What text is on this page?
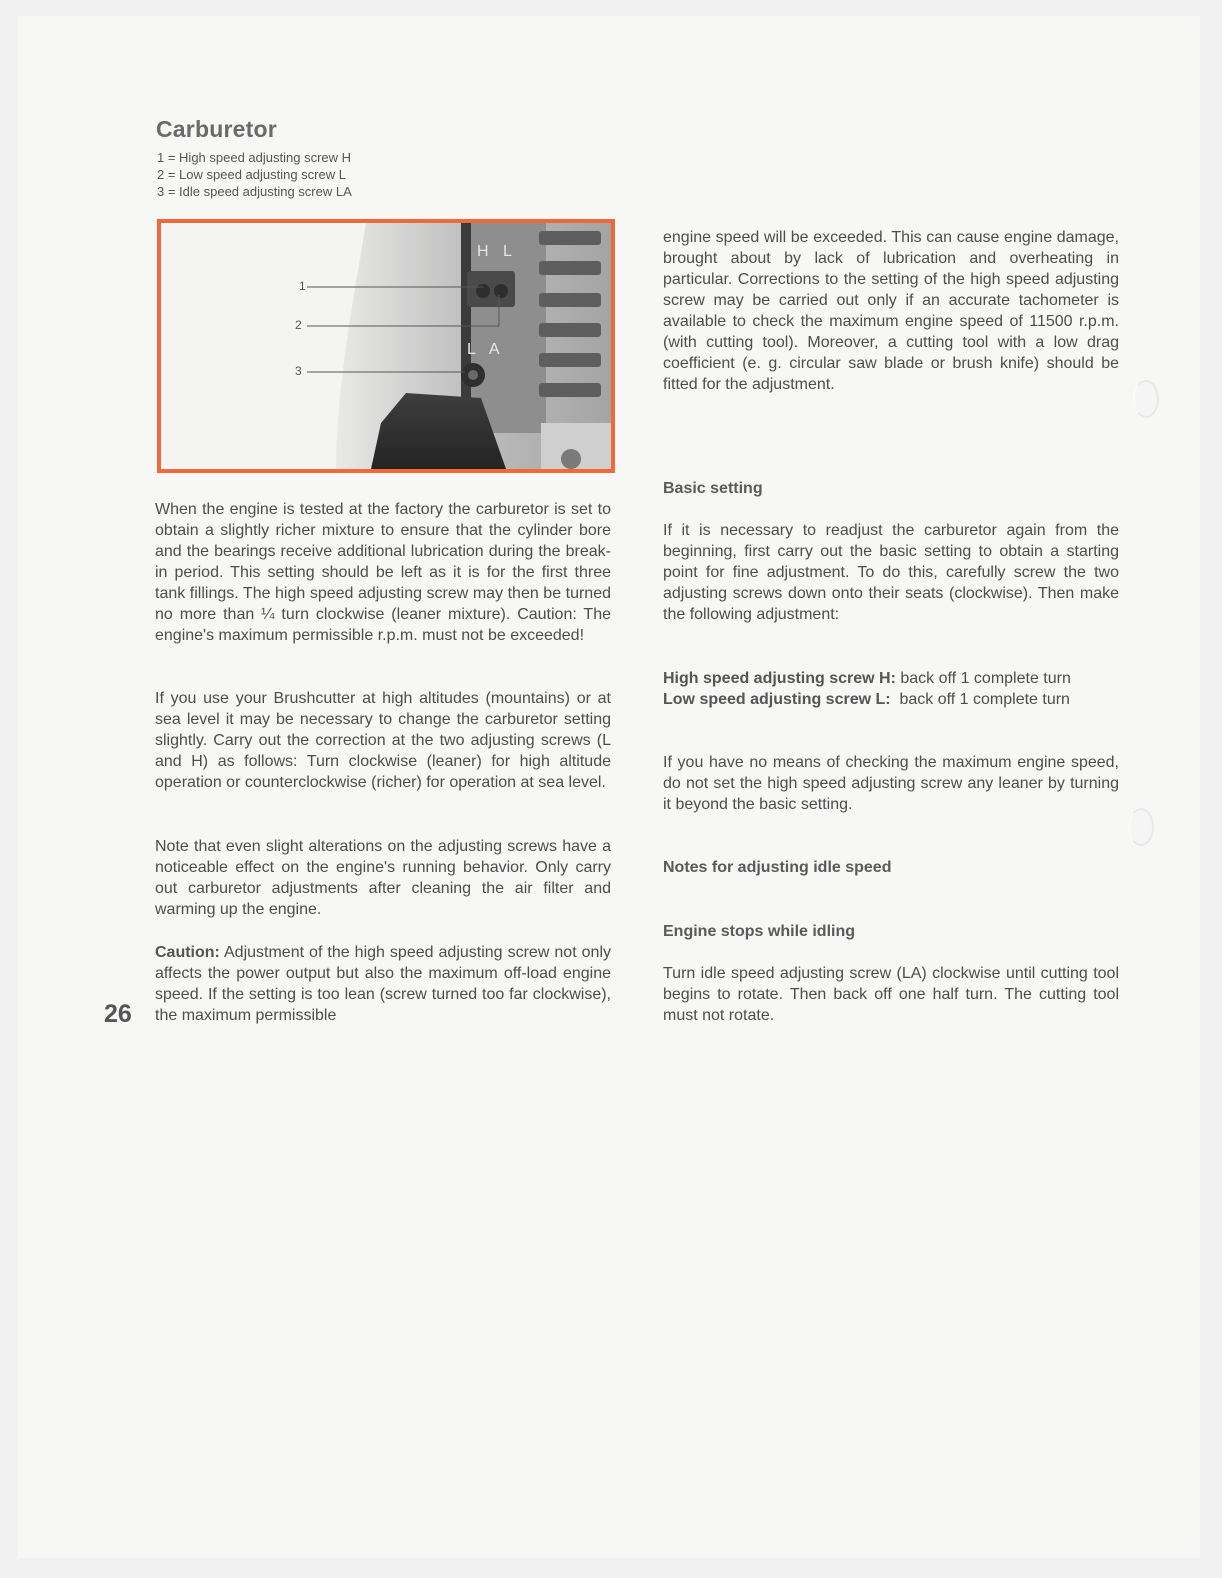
Carburetor
1 = High speed adjusting screw H
2 = Low speed adjusting screw L
3 = Idle speed adjusting screw LA
1
2
3
H L
L A

When the engine is tested at the factory the carburetor is set to obtain a slightly richer mixture to ensure that the cylinder bore and the bearings receive additional lubrication during the break-in period. This setting should be left as it is for the first three tank fillings. The high speed adjusting screw may then be turned no more than ¼ turn clockwise (leaner mixture). Caution: The engine's maximum permissible r.p.m. must not be exceeded!

If you use your Brushcutter at high altitudes (mountains) or at sea level it may be necessary to change the carburetor setting slightly. Carry out the correction at the two adjusting screws (L and H) as follows: Turn clockwise (leaner) for high altitude operation or counterclockwise (richer) for operation at sea level.

Note that even slight alterations on the adjusting screws have a noticeable effect on the engine's running behavior. Only carry out carburetor adjustments after cleaning the air filter and warming up the engine.

Caution: Adjustment of the high speed adjusting screw not only affects the power output but also the maximum off-load engine speed. If the setting is too lean (screw turned too far clockwise), the maximum permissible

26

engine speed will be exceeded. This can cause engine damage, brought about by lack of lubrication and overheating in particular. Corrections to the setting of the high speed adjusting screw may be carried out only if an accurate tachometer is available to check the maximum engine speed of 11500 r.p.m. (with cutting tool). Moreover, a cutting tool with a low drag coefficient (e. g. circular saw blade or brush knife) should be fitted for the adjustment.

Basic setting

If it is necessary to readjust the carburetor again from the beginning, first carry out the basic setting to obtain a starting point for fine adjustment. To do this, carefully screw the two adjusting screws down onto their seats (clockwise). Then make the following adjustment:

High speed adjusting screw H: back off 1 complete turn
Low speed adjusting screw L:  back off 1 complete turn

If you have no means of checking the maximum engine speed, do not set the high speed adjusting screw any leaner by turning it beyond the basic setting.

Notes for adjusting idle speed
Engine stops while idling

Turn idle speed adjusting screw (LA) clockwise until cutting tool begins to rotate. Then back off one half turn. The cutting tool must not rotate.
